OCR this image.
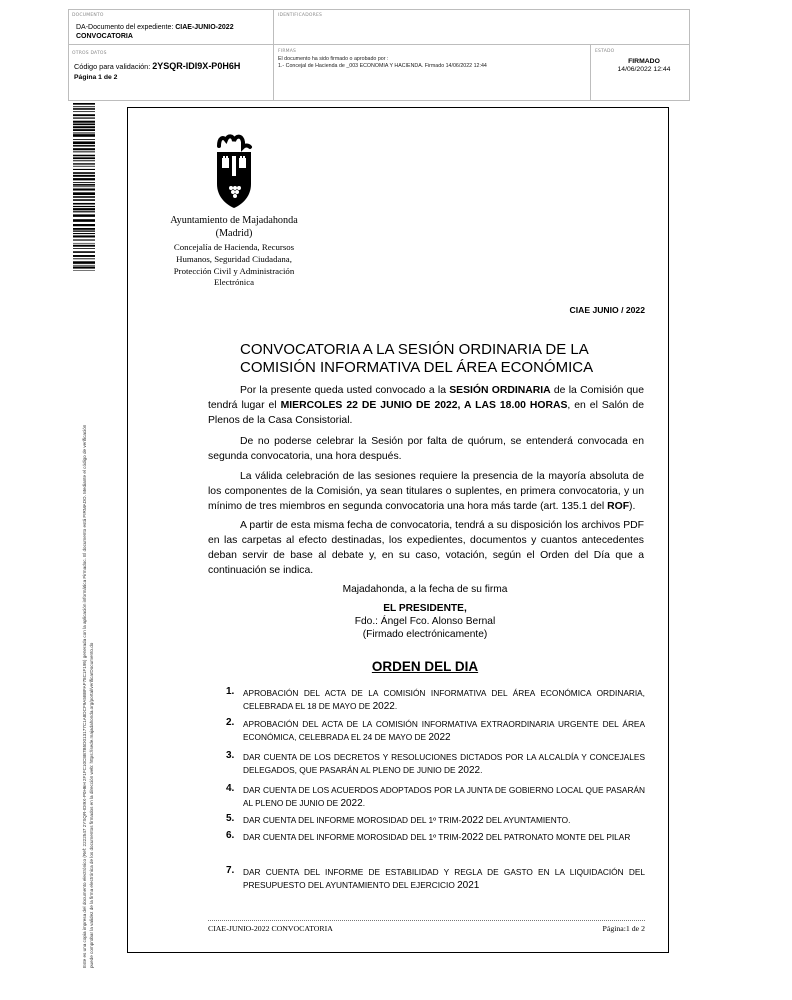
DOCUMENTO
DA-Documento del expediente: CIAE-JUNIO-2022
CONVOCATORIA
IDENTIFICADORES
OTROS DATOS
Código para validación: 2YSQR-IDI9X-P0H6H
Página 1 de 2
FIRMAS
El documento ha sido firmado o aprobado por :
1.- Concejal de Hacienda de _003 ECONOMIA Y HACIENDA. Firmado 14/06/2022 12:44
ESTADO
FIRMADO
14/06/2022 12:44
Este es una copia impresa del documento electrónico (Ref: 2222547 2YSQR-IDI9X-P0H6H 2F1FC10C8B7B5D013177C1A8DCF9A5BBFAF78C1F195) generada con la aplicación informática Firmadoc. El documento está FIRMADO. Mediante el código de verificación puede comprobar la validez de la firma electrónica de los documentos firmados en la dirección web: https://sede.majadahonda.org/portal/verificarDocumento.do
Ayuntamiento de Majadahonda
(Madrid)
Concejalía de Hacienda, Recursos
Humanos, Seguridad Ciudadana,
Protección Civil y Administración
Electrónica
CIAE JUNIO / 2022
CONVOCATORIA A LA SESIÓN ORDINARIA DE LA
COMISIÓN INFORMATIVA DEL ÁREA ECONÓMICA
Por la presente queda usted convocado a la SESIÓN ORDINARIA de la Comisión que tendrá lugar el MIERCOLES 22 DE JUNIO DE 2022, A LAS 18.00 HORAS, en el Salón de Plenos de la Casa Consistorial.
De no poderse celebrar la Sesión por falta de quórum, se entenderá convocada en segunda convocatoria, una hora después.
La válida celebración de las sesiones requiere la presencia de la mayoría absoluta de los componentes de la Comisión, ya sean titulares o suplentes, en primera convocatoria, y un mínimo de tres miembros en segunda convocatoria una hora más tarde (art. 135.1 del ROF).
A partir de esta misma fecha de convocatoria, tendrá a su disposición los archivos PDF en las carpetas al efecto destinadas, los expedientes, documentos y cuantos antecedentes deban servir de base al debate y, en su caso, votación, según el Orden del Día que a continuación se indica.
Majadahonda, a la fecha de su firma
EL PRESIDENTE,
Fdo.: Ángel Fco. Alonso Bernal
(Firmado electrónicamente)
ORDEN DEL DIA
1. APROBACIÓN DEL ACTA DE LA COMISIÓN INFORMATIVA DEL ÁREA ECONÓMICA ORDINARIA, CELEBRADA EL 18 DE MAYO DE 2022.
2. APROBACIÓN DEL ACTA DE LA COMISIÓN INFORMATIVA EXTRAORDINARIA URGENTE DEL ÁREA ECONÓMICA, CELEBRADA EL 24 DE MAYO DE 2022
3. DAR CUENTA DE LOS DECRETOS Y RESOLUCIONES DICTADOS POR LA ALCALDÍA Y CONCEJALES DELEGADOS, QUE PASARÁN AL PLENO DE JUNIO DE 2022.
4. DAR CUENTA DE LOS ACUERDOS ADOPTADOS POR LA JUNTA DE GOBIERNO LOCAL QUE PASARÁN AL PLENO DE JUNIO DE 2022.
5. DAR CUENTA DEL INFORME MOROSIDAD DEL 1º TRIM-2022 DEL AYUNTAMIENTO.
6. DAR CUENTA DEL INFORME MOROSIDAD DEL 1º TRIM-2022 DEL PATRONATO MONTE DEL PILAR
7. DAR CUENTA DEL INFORME DE ESTABILIDAD Y REGLA DE GASTO EN LA LIQUIDACIÓN DEL PRESUPUESTO DEL AYUNTAMIENTO DEL EJERCICIO 2021
CIAE-JUNIO-2022 CONVOCATORIA	Página:1 de 2
